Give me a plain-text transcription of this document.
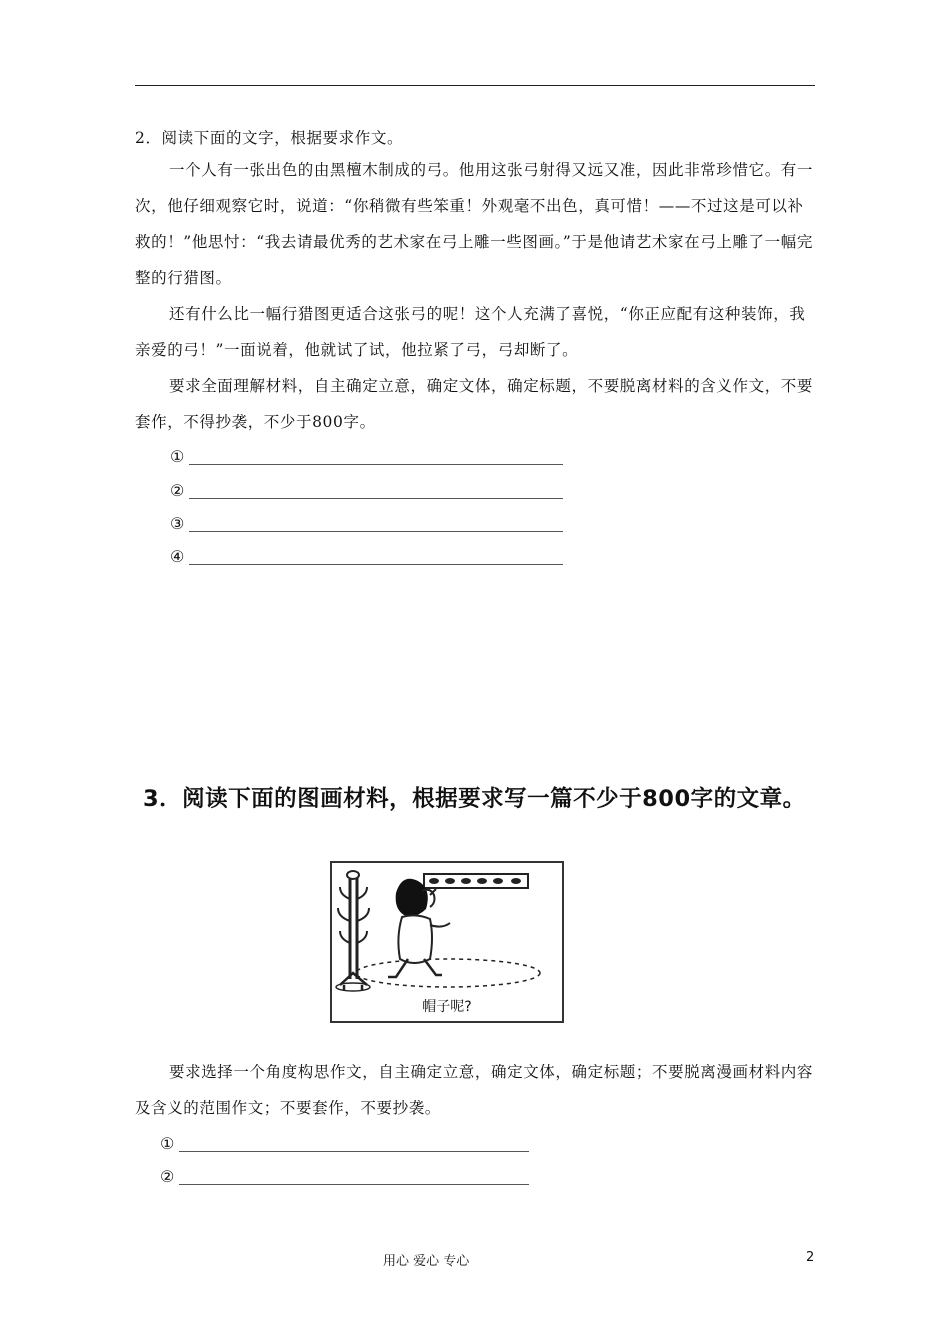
2．阅读下面的文字，根据要求作文。

一个人有一张出色的由黑檀木制成的弓。他用这张弓射得又远又准，因此非常珍惜它。有一次，他仔细观察它时，说道：“你稍微有些笨重！外观毫不出色，真可惜！——不过这是可以补救的！”他思忖：“我去请最优秀的艺术家在弓上雕一些图画。”于是他请艺术家在弓上雕了一幅完整的行猎图。

还有什么比一幅行猎图更适合这张弓的呢！这个人充满了喜悦，“你正应配有这种装饰，我亲爱的弓！”一面说着，他就试了试，他拉紧了弓，弓却断了。

要求全面理解材料，自主确定立意，确定文体，确定标题，不要脱离材料的含义作文，不要套作，不得抄袭，不少于800字。

①
②
③
④
3．阅读下面的图画材料，根据要求写一篇不少于800字的文章。
帽子呢?

要求选择一个角度构思作文，自主确定立意，确定文体，确定标题；不要脱离漫画材料内容及含义的范围作文；不要套作，不要抄袭。

①
②
用心 爱心 专心	2
